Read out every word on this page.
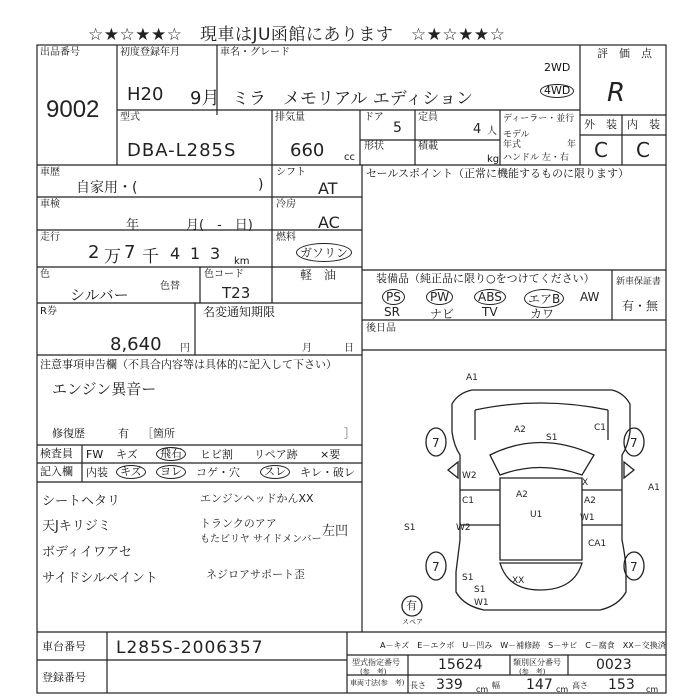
☆★☆★★☆　現車はJU函館にあります　☆★☆★★☆
出品番号
9002
初度登録年月
H20 9月
車名・グレード
ミラ　メモリアル エディション
2WD
4WD
評　価　点
R
外　装 内　装
C C
型式
DBA-L285S
排気量
660 cc
ドア
5
定員
4 人
ディーラー・並行
モデル
年式	年
ハンドル 左・右
形状	積載
kg
車歴
自家用・(	)
シフト
AT
セールスポイント（正常に機能するものに限ります）
車検
年	月(　-　日)
冷房
AC
走行
2 万 7 千 4 1 3 km
燃料
ガソリン
軽　油
色
シルバー	色替
色コード
T23
装備品（純正品に限り○をつけてください）
PS	PW	ABS	エアB	AW
SR	ナビ TV	カワ
新車保証書
有・無
R券
8,640 円
名変通知期限
月	日
後日品
注意事項申告欄（不具合内容等は具体的に記入して下さい）
エンジン異音ー
修復歴	有 ［箇所	］
検査員
記入欄
FW キズ	飛石	ヒビ割 リペア跡 ×要
内装	キズ	ヨレ	コゲ・穴	スレ	キレ・破レ
シートヘタリ
天Jキリジミ
ボディイワアセ
サイドシルペイント
エンジンヘッドかんXX
トランクのアア
もたビリヤ サイドメンバー
左凹
ネジロアサポート歪
A1
A2
S1
C1
W2
C1
A2
U1
X
A2
W1
CA1
A1
S1	W2
S1
S1
XX
W1
7	7
7	7
有
スペア
車台番号 L285S-2006357	A－キズ　E－エクボ　U－凹み　W－補修跡　S－サビ　C－腐食　XX－交換済
登録番号
型式指定番号
(参　考)	15624	類別区分番号
(参　考)	0023
車両寸法(参　考) 長さ 339 cm 幅 147 cm 高さ 153 cm
